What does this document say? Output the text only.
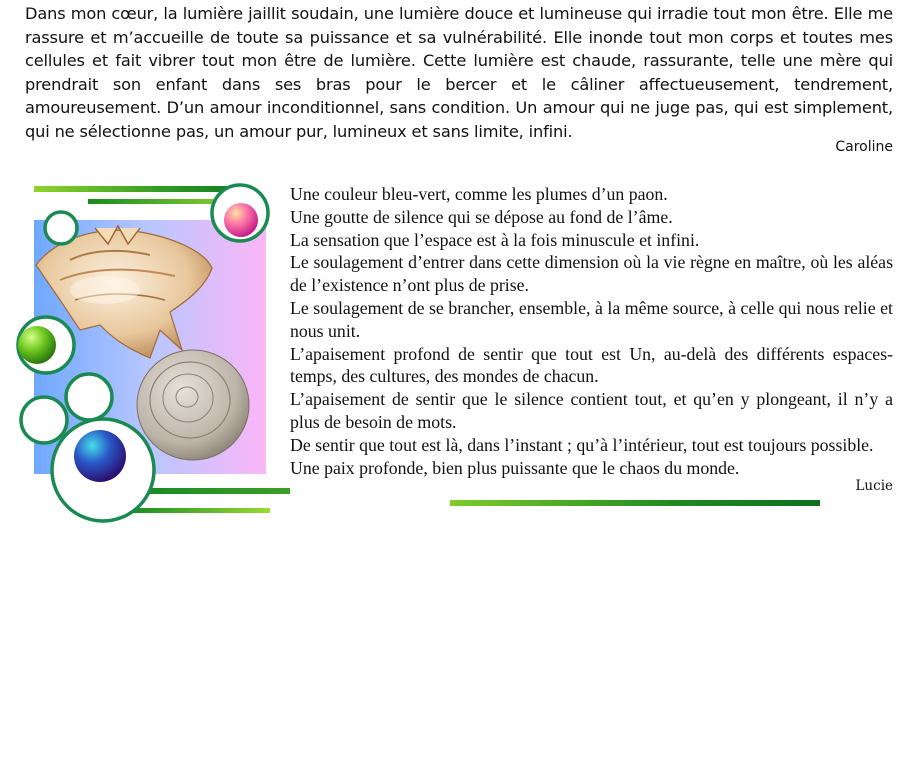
Dans mon cœur, la lumière jaillit soudain, une lumière douce et lumineuse qui irradie tout mon être. Elle me rassure et m’accueille de toute sa puissance et sa vulnérabilité. Elle inonde tout mon corps et toutes mes cellules et fait vibrer tout mon être de lumière. Cette lumière est chaude, rassurante, telle une mère qui prendrait son enfant dans ses bras pour le bercer et le câliner affectueusement, tendrement, amoureusement. D’un amour inconditionnel, sans condition. Un amour qui ne juge pas, qui est simplement, qui ne sélectionne pas, un amour pur, lumineux et sans limite, infini.

Caroline

Une couleur bleu-vert, comme les plumes d’un paon.

Une goutte de silence qui se dépose au fond de l’âme.

La sensation que l’espace est à la fois minuscule et infini.

Le soulagement d’entrer dans cette dimension où la vie règne en maître, où les aléas de l’existence n’ont plus de prise.

Le soulagement de se brancher, ensemble, à la même source, à celle qui nous relie et nous unit.

L’apaisement profond de sentir que tout est Un, au-delà des différents espaces-temps, des cultures, des mondes de chacun.

L’apaisement de sentir que le silence contient tout, et qu’en y plongeant, il n’y a plus de besoin de mots.

De sentir que tout est là, dans l’instant ; qu’à l’intérieur, tout est toujours possible.

Une paix profonde, bien plus puissante que le chaos du monde.

Lucie
